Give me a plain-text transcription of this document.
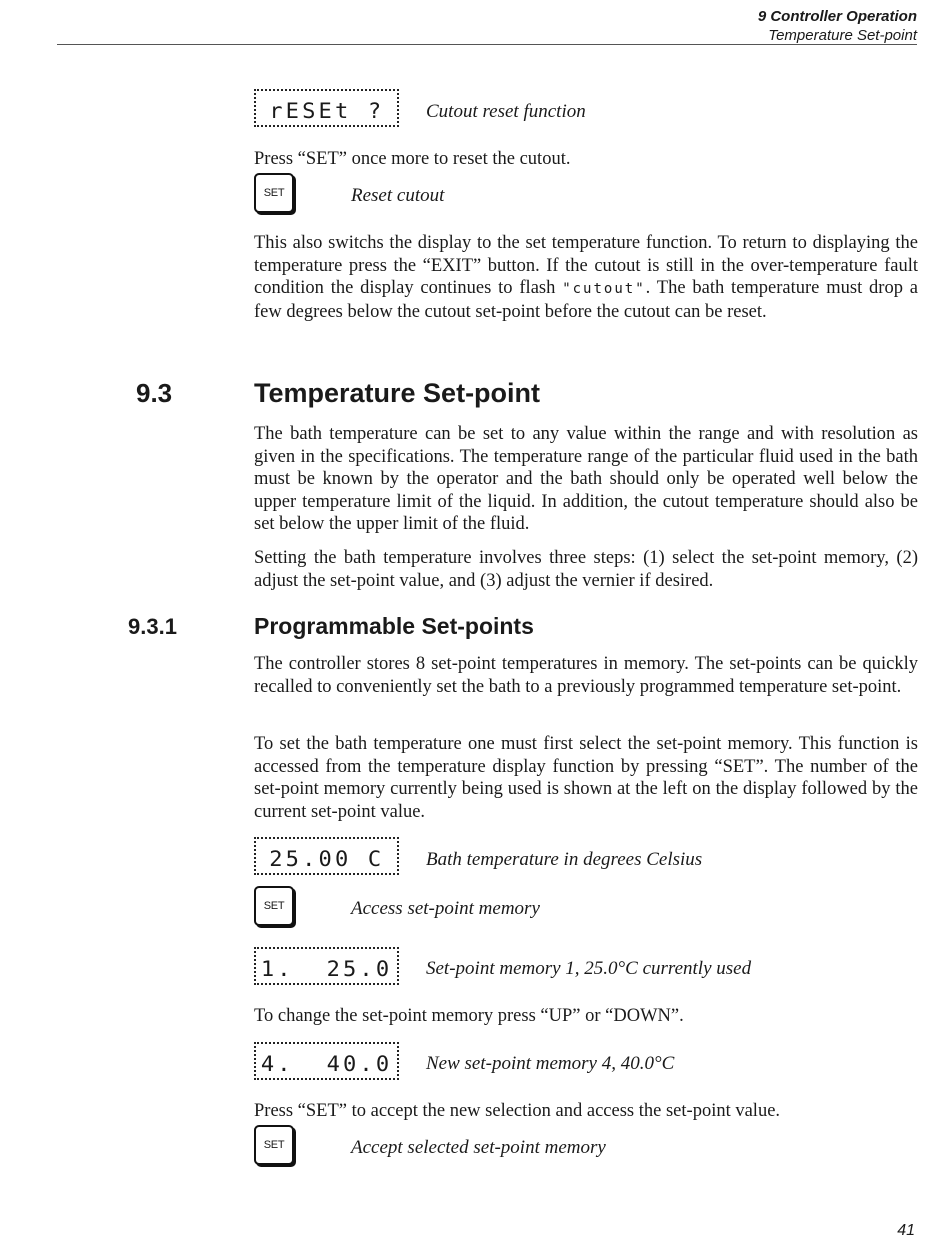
9 Controller Operation
Temperature Set-point
rESEt ? Cutout reset function
Press “SET” once more to reset the cutout.
SET	Reset cutout
This also switchs the display to the set temperature function. To return to displaying the temperature press the “EXIT” button. If the cutout is still in the over-temperature fault condition the display continues to flash "cutout". The bath temperature must drop a few degrees below the cutout set-point before the cutout can be reset.
9.3	Temperature Set-point
The bath temperature can be set to any value within the range and with resolution as given in the specifications. The temperature range of the particular fluid used in the bath must be known by the operator and the bath should only be operated well below the upper temperature limit of the liquid. In addition, the cutout temperature should also be set below the upper limit of the fluid.
Setting the bath temperature involves three steps: (1) select the set-point memory, (2) adjust the set-point value, and (3) adjust the vernier if desired.
9.3.1	Programmable Set-points
The controller stores 8 set-point temperatures in memory. The set-points can be quickly recalled to conveniently set the bath to a previously programmed temperature set-point.
To set the bath temperature one must first select the set-point memory. This function is accessed from the temperature display function by pressing “SET”. The number of the set-point memory currently being used is shown at the left on the display followed by the current set-point value.
25.00 C Bath temperature in degrees Celsius
SET	Access set-point memory
1.  25.0 Set-point memory 1, 25.0°C currently used
To change the set-point memory press “UP” or “DOWN”.
4.  40.0 New set-point memory 4, 40.0°C
Press “SET” to accept the new selection and access the set-point value.
SET	Accept selected set-point memory
41
